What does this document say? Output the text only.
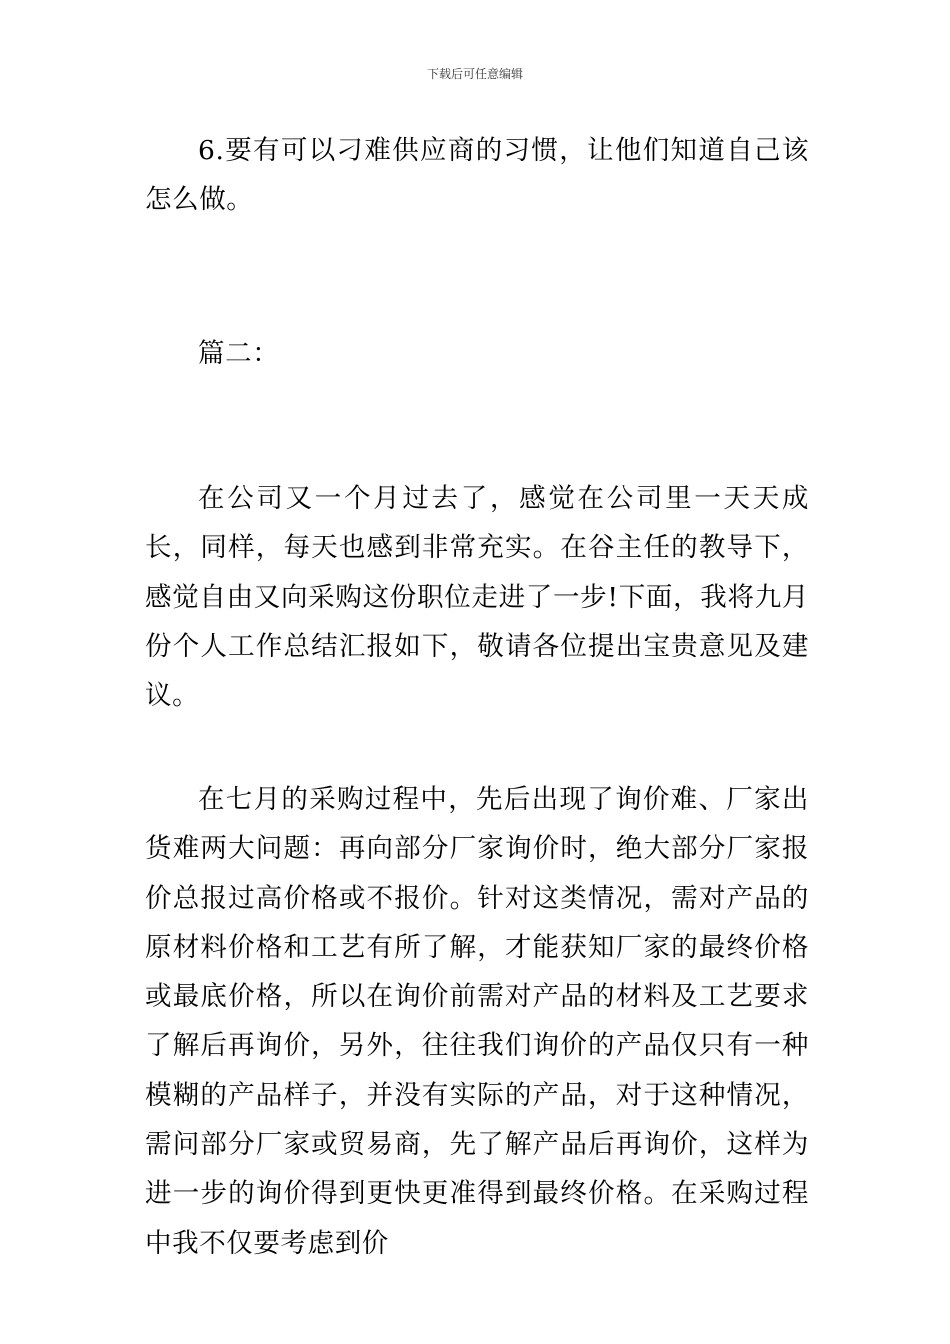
下载后可任意编辑

6.要有可以刁难供应商的习惯，让他们知道自己该怎么做。

篇二：

在公司又一个月过去了，感觉在公司里一天天成长，同样，每天也感到非常充实。在谷主任的教导下，感觉自由又向采购这份职位走进了一步!下面，我将九月份个人工作总结汇报如下，敬请各位提出宝贵意见及建议。

在七月的采购过程中，先后出现了询价难、厂家出货难两大问题：再向部分厂家询价时，绝大部分厂家报价总报过高价格或不报价。针对这类情况，需对产品的原材料价格和工艺有所了解，才能获知厂家的最终价格或最底价格，所以在询价前需对产品的材料及工艺要求了解后再询价，另外，往往我们询价的产品仅只有一种模糊的产品样子，并没有实际的产品，对于这种情况，需问部分厂家或贸易商，先了解产品后再询价，这样为进一步的询价得到更快更准得到最终价格。在采购过程中我不仅要考虑到价
